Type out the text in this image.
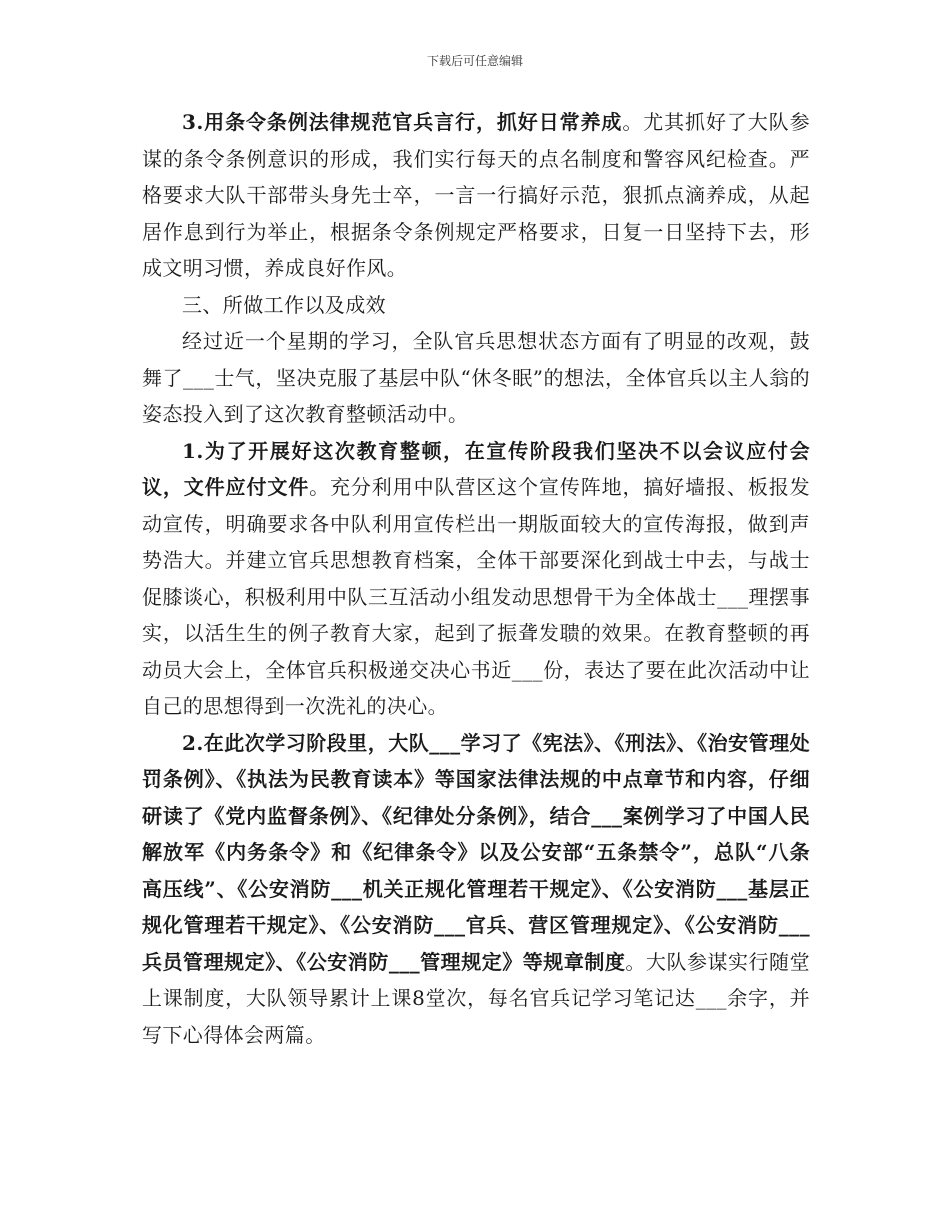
下载后可任意编辑

3.用条令条例法律规范官兵言行，抓好日常养成。尤其抓好了大队参谋的条令条例意识的形成，我们实行每天的点名制度和警容风纪检查。严格要求大队干部带头身先士卒，一言一行搞好示范，狠抓点滴养成，从起居作息到行为举止，根据条令条例规定严格要求，日复一日坚持下去，形成文明习惯，养成良好作风。

三、所做工作以及成效

经过近一个星期的学习，全队官兵思想状态方面有了明显的改观，鼓舞了___士气，坚决克服了基层中队“休冬眠”的想法，全体官兵以主人翁的姿态投入到了这次教育整顿活动中。

1.为了开展好这次教育整顿，在宣传阶段我们坚决不以会议应付会议，文件应付文件。充分利用中队营区这个宣传阵地，搞好墙报、板报发动宣传，明确要求各中队利用宣传栏出一期版面较大的宣传海报，做到声势浩大。并建立官兵思想教育档案，全体干部要深化到战士中去，与战士促膝谈心，积极利用中队三互活动小组发动思想骨干为全体战士___理摆事实，以活生生的例子教育大家，起到了振聋发聩的效果。在教育整顿的再动员大会上，全体官兵积极递交决心书近___份，表达了要在此次活动中让自己的思想得到一次洗礼的决心。

2.在此次学习阶段里，大队___学习了《宪法》、《刑法》、《治安管理处罚条例》、《执法为民教育读本》等国家法律法规的中点章节和内容，仔细研读了《党内监督条例》、《纪律处分条例》，结合___案例学习了中国人民解放军《内务条令》和《纪律条令》以及公安部“五条禁令”，总队“八条高压线”、《公安消防___机关正规化管理若干规定》、《公安消防___基层正规化管理若干规定》、《公安消防___官兵、营区管理规定》、《公安消防___兵员管理规定》、《公安消防___管理规定》等规章制度。大队参谋实行随堂上课制度，大队领导累计上课8堂次，每名官兵记学习笔记达___余字，并写下心得体会两篇。
